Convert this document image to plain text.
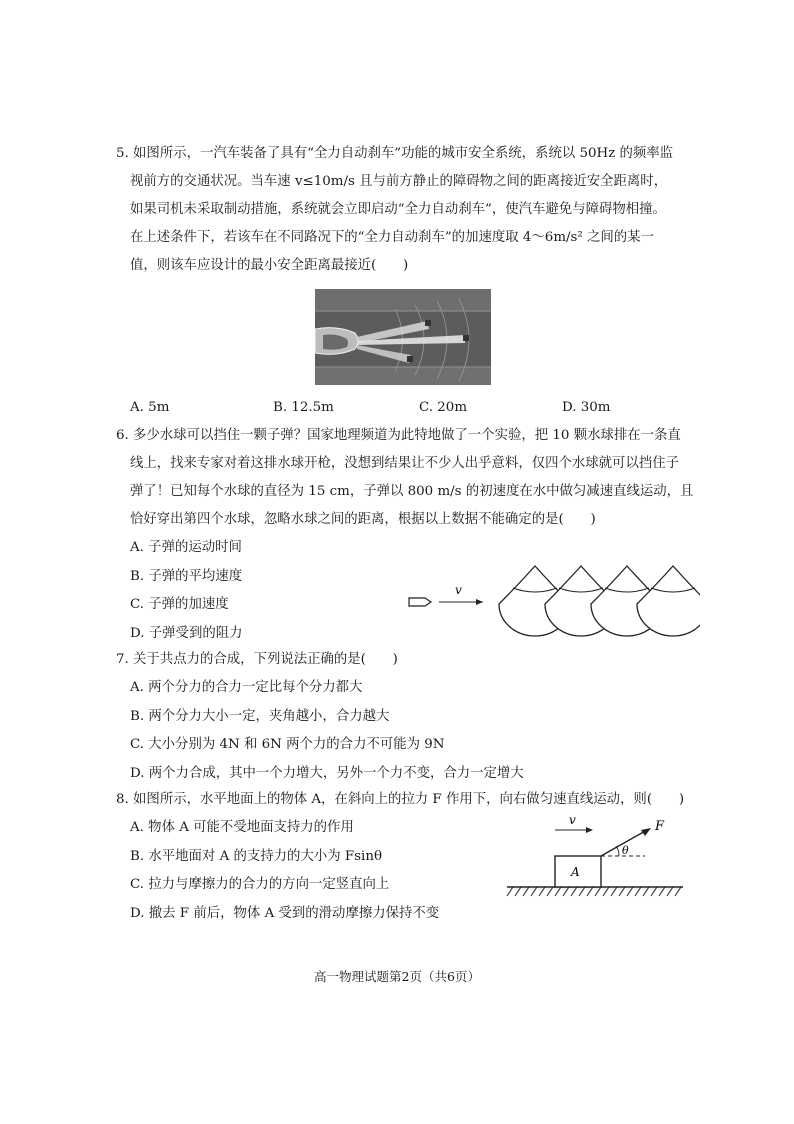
5. 如图所示，一汽车装备了具有“全力自动刹车”功能的城市安全系统，系统以 50Hz 的频率监

视前方的交通状况。当车速 v≤10m/s 且与前方静止的障碍物之间的距离接近安全距离时，

如果司机未采取制动措施，系统就会立即启动“全力自动刹车”，使汽车避免与障碍物相撞。

在上述条件下，若该车在不同路况下的“全力自动刹车”的加速度取 4～6m/s² 之间的某一

值，则该车应设计的最小安全距离最接近(　　)

A. 5m	B. 12.5m	C. 20m	D. 30m

6. 多少水球可以挡住一颗子弹？国家地理频道为此特地做了一个实验，把 10 颗水球排在一条直

线上，找来专家对着这排水球开枪，没想到结果让不少人出乎意料，仅四个水球就可以挡住子

弹了！已知每个水球的直径为 15 cm，子弹以 800 m/s 的初速度在水中做匀减速直线运动，且

恰好穿出第四个水球，忽略水球之间的距离，根据以上数据不能确定的是(　　)

A. 子弹的运动时间
B. 子弹的平均速度
C. 子弹的加速度
D. 子弹受到的阻力
v

7. 关于共点力的合成，下列说法正确的是(　　)

A. 两个分力的合力一定比每个分力都大
B. 两个分力大小一定，夹角越小，合力越大
C. 大小分别为 4N 和 6N 两个力的合力不可能为 9N
D. 两个力合成，其中一个力增大，另外一个力不变，合力一定增大

8. 如图所示，水平地面上的物体 A，在斜向上的拉力 F 作用下，向右做匀速直线运动，则(　　)

A. 物体 A 可能不受地面支持力的作用
B. 水平地面对 A 的支持力的大小为 Fsinθ
C. 拉力与摩擦力的合力的方向一定竖直向上
D. 撤去 F 前后，物体 A 受到的滑动摩擦力保持不变
A
F
θ
v
高一物理试题第2页（共6页）
